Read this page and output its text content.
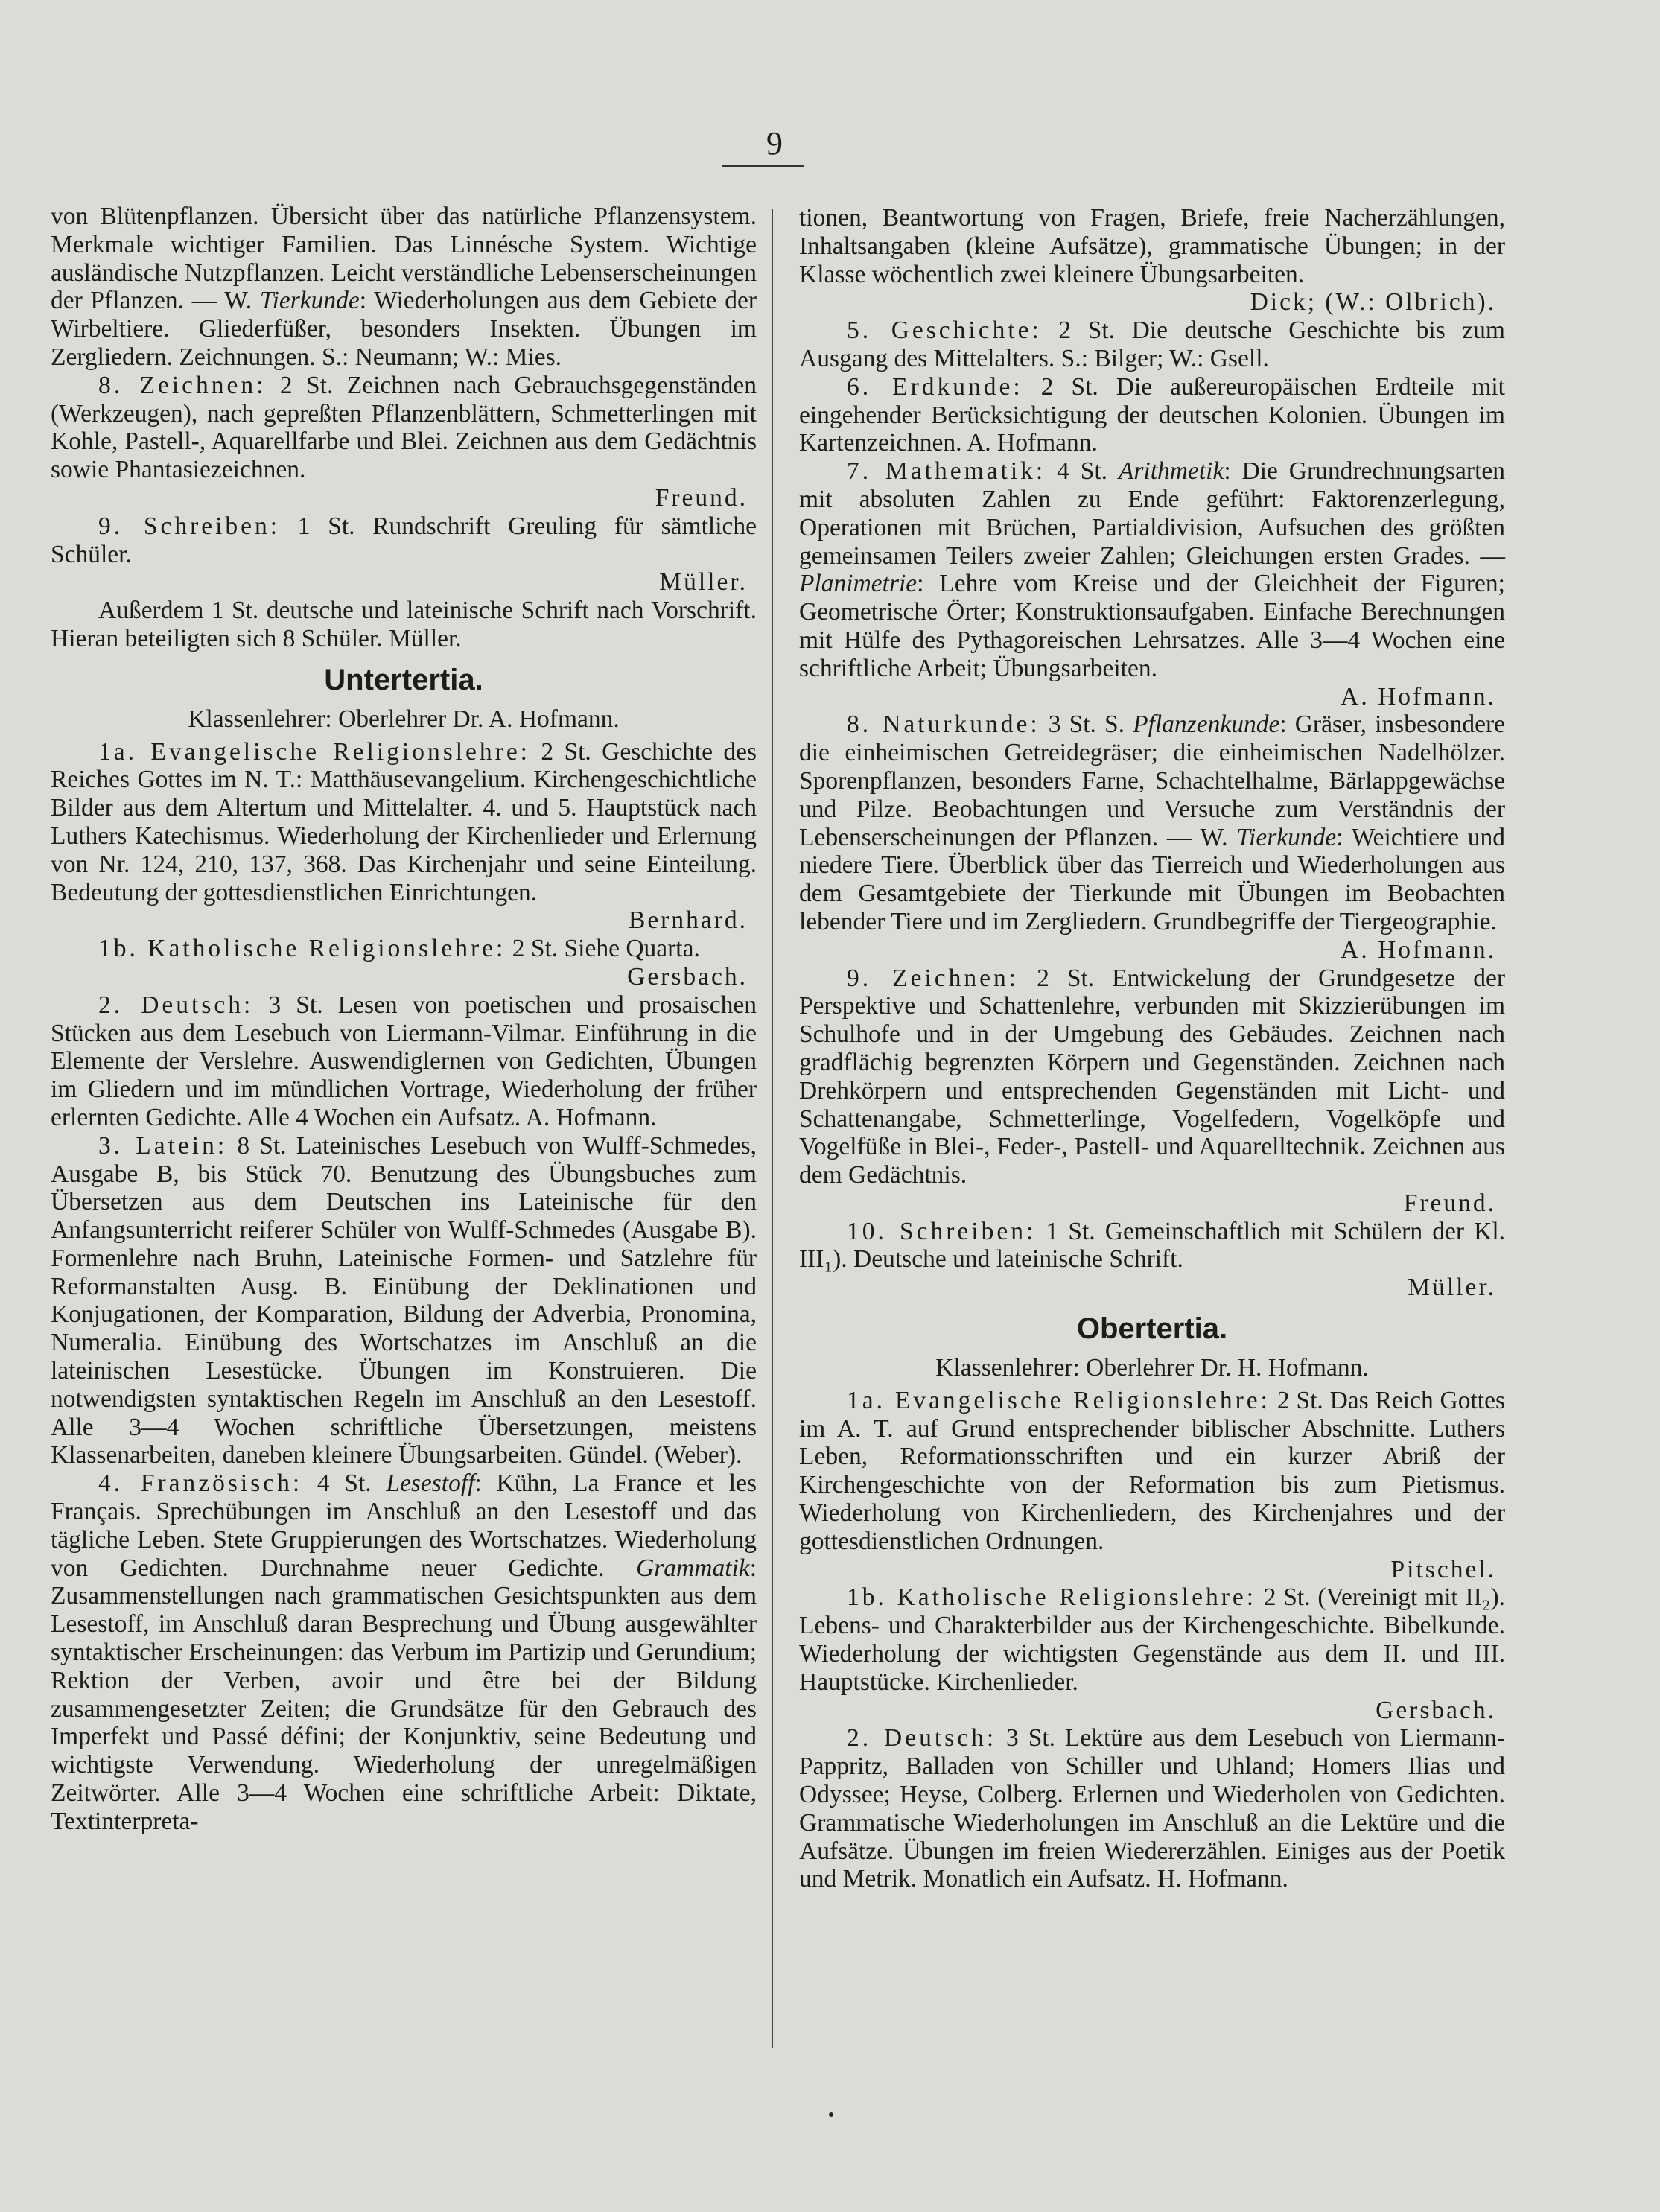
9

von Blütenpflanzen. Übersicht über das natürliche Pflanzensystem. Merkmale wichtiger Familien. Das Linnésche System. Wichtige ausländische Nutzpflanzen. Leicht verständliche Lebenserscheinungen der Pflanzen. — W. Tierkunde: Wiederholungen aus dem Gebiete der Wirbeltiere. Gliederfüßer, besonders Insekten. Übungen im Zergliedern. Zeichnungen. S.: Neumann; W.: Mies.

8. Zeichnen: 2 St. Zeichnen nach Gebrauchsgegenständen (Werkzeugen), nach gepreßten Pflanzenblättern, Schmetterlingen mit Kohle, Pastell-, Aquarellfarbe und Blei. Zeichnen aus dem Gedächtnis sowie Phantasiezeichnen.

Freund.

9. Schreiben: 1 St. Rundschrift Greuling für sämtliche Schüler.

Müller.

Außerdem 1 St. deutsche und lateinische Schrift nach Vorschrift. Hieran beteiligten sich 8 Schüler. Müller.

Untertertia.

Klassenlehrer: Oberlehrer Dr. A. Hofmann.

1a. Evangelische Religionslehre: 2 St. Geschichte des Reiches Gottes im N. T.: Matthäusevangelium. Kirchengeschichtliche Bilder aus dem Altertum und Mittelalter. 4. und 5. Hauptstück nach Luthers Katechismus. Wiederholung der Kirchenlieder und Erlernung von Nr. 124, 210, 137, 368. Das Kirchenjahr und seine Einteilung. Bedeutung der gottesdienstlichen Einrichtungen.

Bernhard.

1b. Katholische Religionslehre: 2 St. Siehe Quarta.

Gersbach.

2. Deutsch: 3 St. Lesen von poetischen und prosaischen Stücken aus dem Lesebuch von Liermann-Vilmar. Einführung in die Elemente der Verslehre. Auswendiglernen von Gedichten, Übungen im Gliedern und im mündlichen Vortrage, Wiederholung der früher erlernten Gedichte. Alle 4 Wochen ein Aufsatz. A. Hofmann.

3. Latein: 8 St. Lateinisches Lesebuch von Wulff-Schmedes, Ausgabe B, bis Stück 70. Benutzung des Übungsbuches zum Übersetzen aus dem Deutschen ins Lateinische für den Anfangsunterricht reiferer Schüler von Wulff-Schmedes (Ausgabe B). Formenlehre nach Bruhn, Lateinische Formen- und Satzlehre für Reformanstalten Ausg. B. Einübung der Deklinationen und Konjugationen, der Komparation, Bildung der Adverbia, Pronomina, Numeralia. Einübung des Wortschatzes im Anschluß an die lateinischen Lesestücke. Übungen im Konstruieren. Die notwendigsten syntaktischen Regeln im Anschluß an den Lesestoff. Alle 3—4 Wochen schriftliche Übersetzungen, meistens Klassenarbeiten, daneben kleinere Übungsarbeiten. Gündel. (Weber).

4. Französisch: 4 St. Lesestoff: Kühn, La France et les Français. Sprechübungen im Anschluß an den Lesestoff und das tägliche Leben. Stete Gruppierungen des Wortschatzes. Wiederholung von Gedichten. Durchnahme neuer Gedichte. Grammatik: Zusammenstellungen nach grammatischen Gesichtspunkten aus dem Lesestoff, im Anschluß daran Besprechung und Übung ausgewählter syntaktischer Erscheinungen: das Verbum im Partizip und Gerundium; Rektion der Verben, avoir und être bei der Bildung zusammengesetzter Zeiten; die Grundsätze für den Gebrauch des Imperfekt und Passé défini; der Konjunktiv, seine Bedeutung und wichtigste Verwendung. Wiederholung der unregelmäßigen Zeitwörter. Alle 3—4 Wochen eine schriftliche Arbeit: Diktate, Textinterpreta-

tionen, Beantwortung von Fragen, Briefe, freie Nacherzählungen, Inhaltsangaben (kleine Aufsätze), grammatische Übungen; in der Klasse wöchentlich zwei kleinere Übungsarbeiten.

Dick; (W.: Olbrich).

5. Geschichte: 2 St. Die deutsche Geschichte bis zum Ausgang des Mittelalters. S.: Bilger; W.: Gsell.

6. Erdkunde: 2 St. Die außereuropäischen Erdteile mit eingehender Berücksichtigung der deutschen Kolonien. Übungen im Kartenzeichnen. A. Hofmann.

7. Mathematik: 4 St. Arithmetik: Die Grundrechnungsarten mit absoluten Zahlen zu Ende geführt: Faktorenzerlegung, Operationen mit Brüchen, Partialdivision, Aufsuchen des größten gemeinsamen Teilers zweier Zahlen; Gleichungen ersten Grades. — Planimetrie: Lehre vom Kreise und der Gleichheit der Figuren; Geometrische Örter; Konstruktionsaufgaben. Einfache Berechnungen mit Hülfe des Pythagoreischen Lehrsatzes. Alle 3—4 Wochen eine schriftliche Arbeit; Übungsarbeiten.

A. Hofmann.

8. Naturkunde: 3 St. S. Pflanzenkunde: Gräser, insbesondere die einheimischen Getreidegräser; die einheimischen Nadelhölzer. Sporenpflanzen, besonders Farne, Schachtelhalme, Bärlappgewächse und Pilze. Beobachtungen und Versuche zum Verständnis der Lebenserscheinungen der Pflanzen. — W. Tierkunde: Weichtiere und niedere Tiere. Überblick über das Tierreich und Wiederholungen aus dem Gesamtgebiete der Tierkunde mit Übungen im Beobachten lebender Tiere und im Zergliedern. Grundbegriffe der Tiergeographie.

A. Hofmann.

9. Zeichnen: 2 St. Entwickelung der Grundgesetze der Perspektive und Schattenlehre, verbunden mit Skizzierübungen im Schulhofe und in der Umgebung des Gebäudes. Zeichnen nach gradflächig begrenzten Körpern und Gegenständen. Zeichnen nach Drehkörpern und entsprechenden Gegenständen mit Licht- und Schattenangabe, Schmetterlinge, Vogelfedern, Vogelköpfe und Vogelfüße in Blei-, Feder-, Pastell- und Aquarelltechnik. Zeichnen aus dem Gedächtnis.

Freund.

10. Schreiben: 1 St. Gemeinschaftlich mit Schülern der Kl. III₁). Deutsche und lateinische Schrift.

Müller.

Obertertia.

Klassenlehrer: Oberlehrer Dr. H. Hofmann.

1a. Evangelische Religionslehre: 2 St. Das Reich Gottes im A. T. auf Grund entsprechender biblischer Abschnitte. Luthers Leben, Reformationsschriften und ein kurzer Abriß der Kirchengeschichte von der Reformation bis zum Pietismus. Wiederholung von Kirchenliedern, des Kirchenjahres und der gottesdienstlichen Ordnungen.

Pitschel.

1b. Katholische Religionslehre: 2 St. (Vereinigt mit II₂). Lebens- und Charakterbilder aus der Kirchengeschichte. Bibelkunde. Wiederholung der wichtigsten Gegenstände aus dem II. und III. Hauptstücke. Kirchenlieder.

Gersbach.

2. Deutsch: 3 St. Lektüre aus dem Lesebuch von Liermann-Pappritz, Balladen von Schiller und Uhland; Homers Ilias und Odyssee; Heyse, Colberg. Erlernen und Wiederholen von Gedichten. Grammatische Wiederholungen im Anschluß an die Lektüre und die Aufsätze. Übungen im freien Wiedererzählen. Einiges aus der Poetik und Metrik. Monatlich ein Aufsatz. H. Hofmann.
